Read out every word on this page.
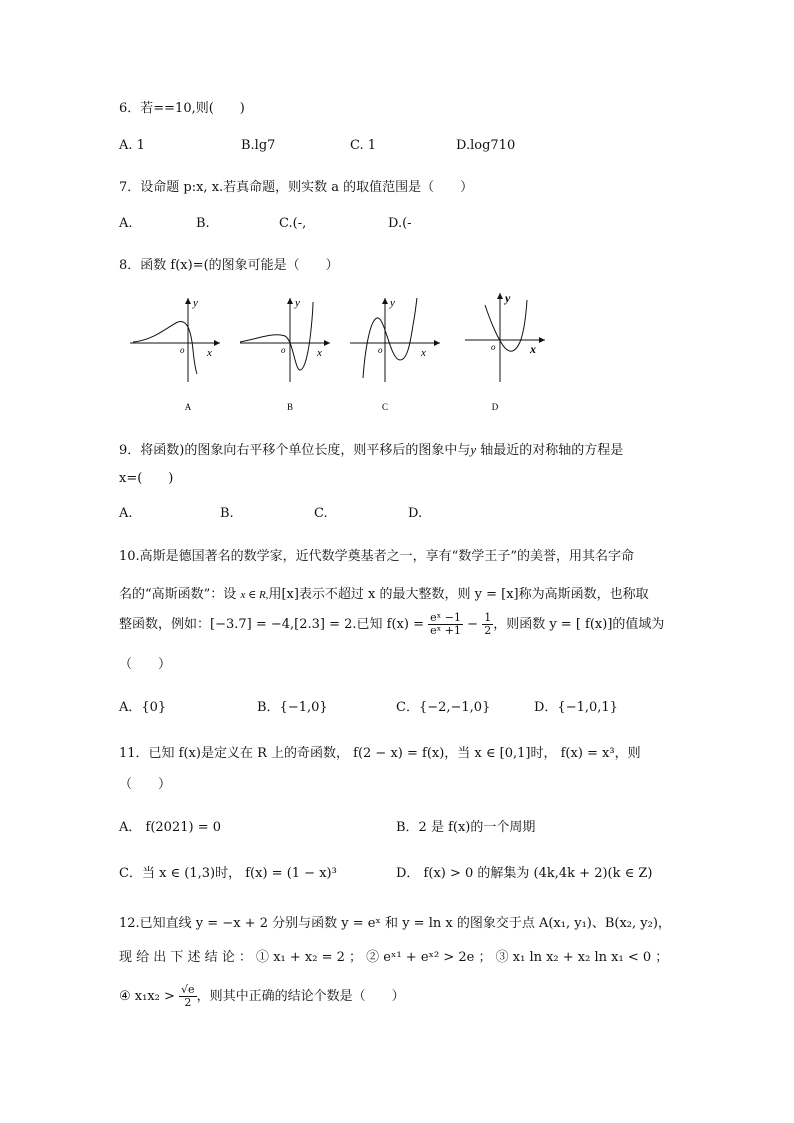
6．若==10,则(　　)
A. 1	B.lg7	C. 1	D.log710
7．设命题 p:x, x.若真命题，则实数 a 的取值范围是（　　）
A.	B.	C.(-,	D.(-
8．函数 f(x)=(的图象可能是（　　）
o x
y
A
o	x
y
B
o	x
y
C
o	x
y
D
9．将函数)的图象向右平移个单位长度，则平移后的图象中与y 轴最近的对称轴的方程是
x=(　　)
A.	B.	C.	D.
10.高斯是德国著名的数学家，近代数学奠基者之一，享有“数学王子”的美誉，用其名字命
名的“高斯函数”：设 x ∈ R,用[x]表示不超过 x 的最大整数，则 y = [x]称为高斯函数，也称取
整函数，例如：[−3.7] = −4,[2.3] = 2.已知 $f(x) = \frac{\text{eˣ −1}}{\text{eˣ +1}} - \frac{1}{2}$ ，则函数 y = [ f(x)]的值域为
（　　）
A．{0}	B．{−1,0}	C．{−2,−1,0}	D．{−1,0,1}
11．已知 f(x)是定义在 R 上的奇函数， f(2 − x) = f(x)，当 x ∈ [0,1]时， f(x) = x³，则
（　　）
A． f(2021) = 0	B．2 是 f(x)的一个周期
C．当 x ∈ (1,3)时， f(x) = (1 − x)³	D． f(x) > 0 的解集为 (4k,4k + 2)(k ∈ Z)
12.已知直线 y = −x + 2 分别与函数 y = eˣ 和 y = ln x 的图象交于点 A(x₁, y₁)、B(x₂, y₂)，
现 给 出 下 述 结 论 ： ① x₁ + x₂ = 2 ； ② eˣ¹ + eˣ² > 2e ； ③ x₁ ln x₂ + x₂ ln x₁ < 0 ；
④ $x_1x_2 > \frac{√e}{2}$ ，则其中正确的结论个数是（　　）
